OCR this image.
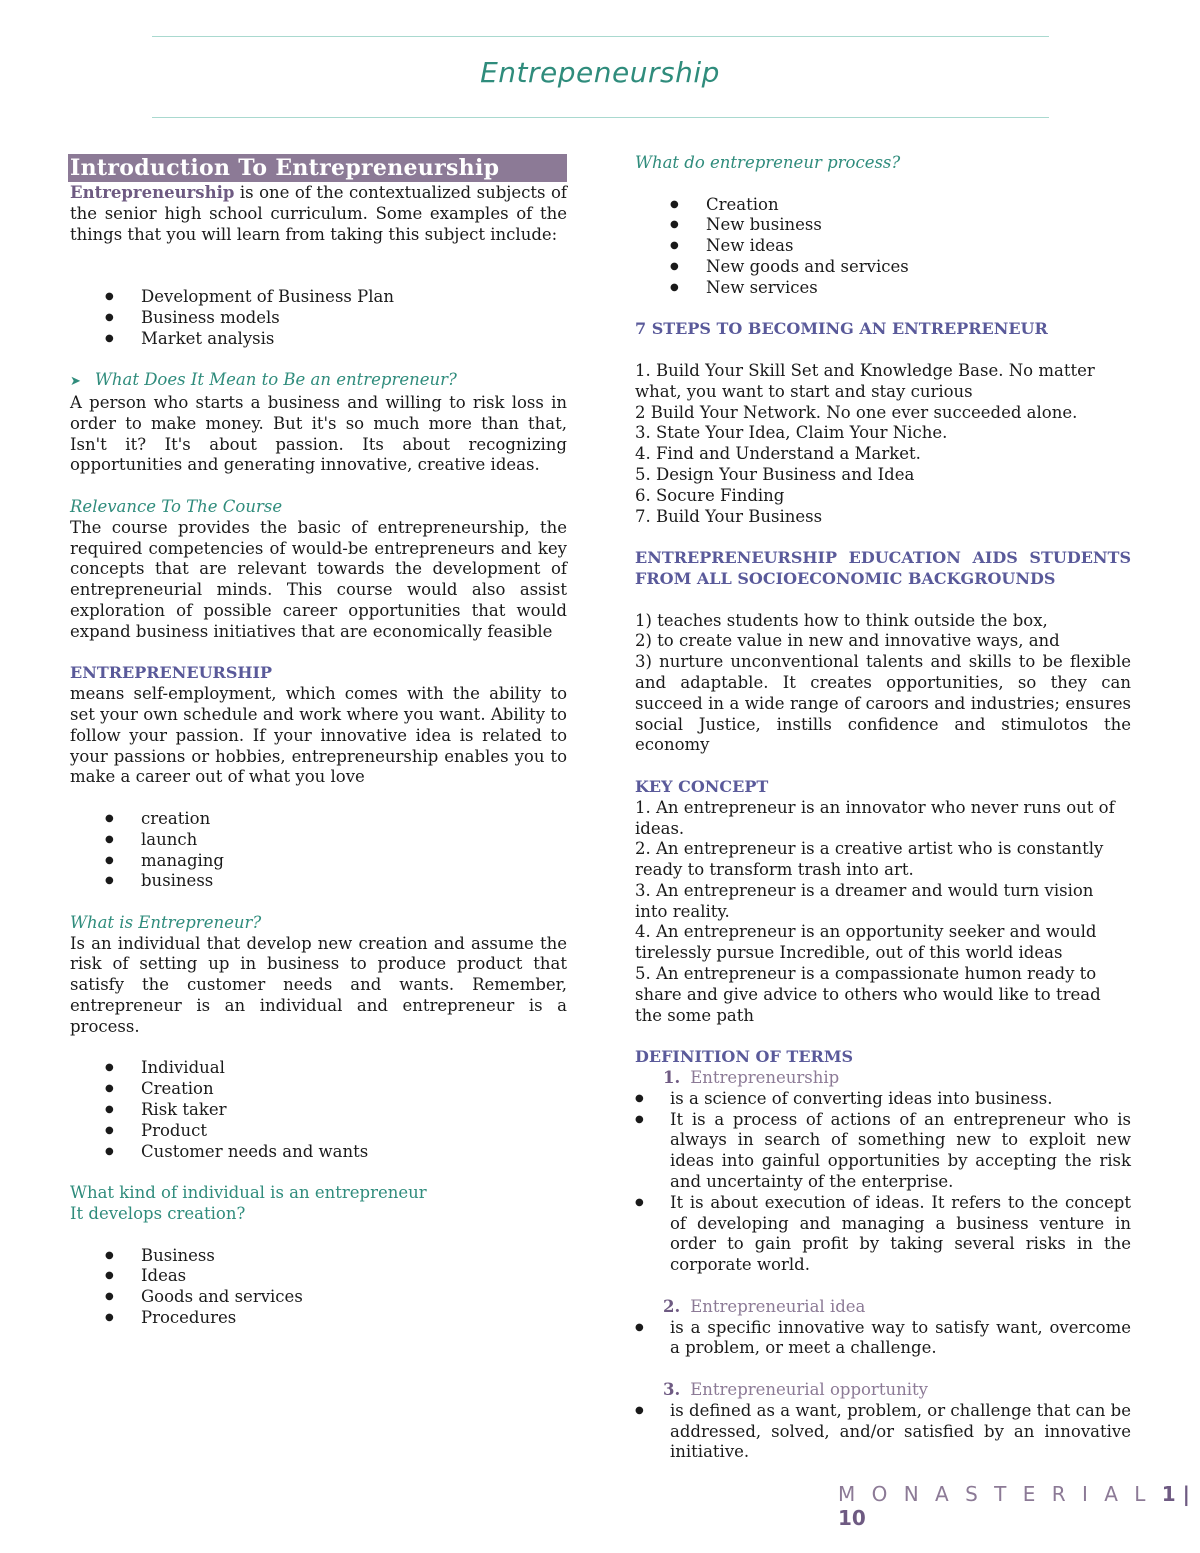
Entrepeneurship
Introduction To Entrepreneurship

Entrepreneurship is one of the contextualized subjects of the senior high school curriculum. Some examples of the things that you will learn from taking this subject include:

● Development of Business Plan
● Business models
● Market analysis

➤ What Does It Mean to Be an entrepreneur?

A person who starts a business and willing to risk loss in order to make money. But it's so much more than that, Isn't it? It's about passion. Its about recognizing opportunities and generating innovative, creative ideas.

Relevance To The Course

The course provides the basic of entrepreneurship, the required competencies of would-be entrepreneurs and key concepts that are relevant towards the development of entrepreneurial minds. This course would also assist exploration of possible career opportunities that would expand business initiatives that are economically feasible

ENTREPRENEURSHIP

means self-employment, which comes with the ability to set your own schedule and work where you want. Ability to follow your passion. If your innovative idea is related to your passions or hobbies, entrepreneurship enables you to make a career out of what you love

● creation
● launch
● managing
● business

What is Entrepreneur?

Is an individual that develop new creation and assume the risk of setting up in business to produce product that satisfy the customer needs and wants. Remember, entrepreneur is an individual and entrepreneur is a process.

● Individual
● Creation
● Risk taker
● Product
● Customer needs and wants

What kind of individual is an entrepreneur

It develops creation?

● Business
● Ideas
● Goods and services
● Procedures

What do entrepreneur process?

● Creation
● New business
● New ideas
● New goods and services
● New services

7 STEPS TO BECOMING AN ENTREPRENEUR

1. Build Your Skill Set and Knowledge Base. No matter what, you want to start and stay curious

2 Build Your Network. No one ever succeeded alone.

3. State Your Idea, Claim Your Niche.

4. Find and Understand a Market.

5. Design Your Business and Idea

6. Socure Finding

7. Build Your Business

ENTREPRENEURSHIP EDUCATION AIDS STUDENTS FROM ALL SOCIOECONOMIC BACKGROUNDS

1) teaches students how to think outside the box,

2) to create value in new and innovative ways, and

3) nurture unconventional talents and skills to be flexible and adaptable. It creates opportunities, so they can succeed in a wide range of caroors and industries; ensures social Justice, instills confidence and stimulotos the economy

KEY CONCEPT

1. An entrepreneur is an innovator who never runs out of ideas.

2. An entrepreneur is a creative artist who is constantly ready to transform trash into art.

3. An entrepreneur is a dreamer and would turn vision into reality.

4. An entrepreneur is an opportunity seeker and would tirelessly pursue Incredible, out of this world ideas

5. An entrepreneur is a compassionate humon ready to share and give advice to others who would like to tread the some path

DEFINITION OF TERMS

1. Entrepreneurship

● is a science of converting ideas into business.
● It is a process of actions of an entrepreneur who is always in search of something new to exploit new ideas into gainful opportunities by accepting the risk and uncertainty of the enterprise.
● It is about execution of ideas. It refers to the concept of developing and managing a business venture in order to gain profit by taking several risks in the corporate world.

2. Entrepreneurial idea

● is a specific innovative way to satisfy want, overcome a problem, or meet a challenge.

3. Entrepreneurial opportunity

● is defined as a want, problem, or challenge that can be addressed, solved, and/or satisfied by an innovative initiative.
M O N A S T E R I A L 1 | 10
